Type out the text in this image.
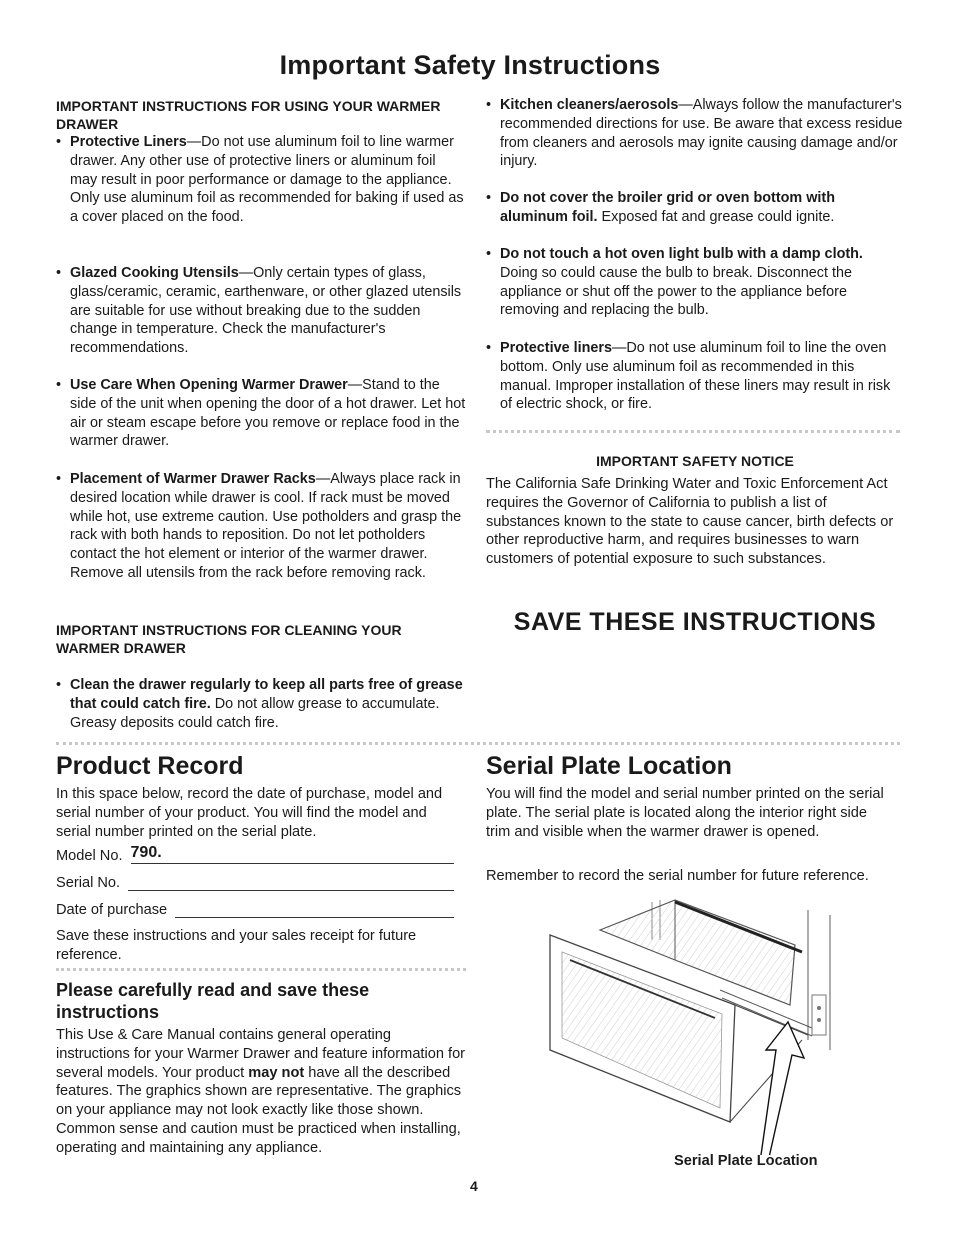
Important Safety Instructions
IMPORTANT INSTRUCTIONS FOR USING YOUR WARMER DRAWER
• Protective Liners—Do not use aluminum foil to line warmer drawer. Any other use of protective liners or aluminum foil may result in poor performance or damage to the appliance. Only use aluminum foil as recommended for baking if used as a cover placed on the food.
• Glazed Cooking Utensils—Only certain types of glass, glass/ceramic, ceramic, earthenware, or other glazed utensils are suitable for use without breaking due to the sudden change in temperature. Check the manufacturer's recommendations.
• Use Care When Opening Warmer Drawer—Stand to the side of the unit when opening the door of a hot drawer. Let hot air or steam escape before you remove or replace food in the warmer drawer.
• Placement of Warmer Drawer Racks—Always place rack in desired location while drawer is cool. If rack must be moved while hot, use extreme caution. Use potholders and grasp the rack with both hands to reposition. Do not let potholders contact the hot element or interior of the warmer drawer. Remove all utensils from the rack before removing rack.
IMPORTANT INSTRUCTIONS FOR CLEANING YOUR WARMER DRAWER
• Clean the drawer regularly to keep all parts free of grease that could catch fire. Do not allow grease to accumulate. Greasy deposits could catch fire.
• Kitchen cleaners/aerosols—Always follow the manufacturer's recommended directions for use. Be aware that excess residue from cleaners and aerosols may ignite causing damage and/or injury.
• Do not cover the broiler grid or oven bottom with aluminum foil. Exposed fat and grease could ignite.
• Do not touch a hot oven light bulb with a damp cloth. Doing so could cause the bulb to break. Disconnect the appliance or shut off the power to the appliance before removing and replacing the bulb.
• Protective liners—Do not use aluminum foil to line the oven bottom. Only use aluminum foil as recommended in this manual. Improper installation of these liners may result in risk of electric shock, or fire.
IMPORTANT SAFETY NOTICE
The California Safe Drinking Water and Toxic Enforcement Act requires the Governor of California to publish a list of substances known to the state to cause cancer, birth defects or other reproductive harm, and requires businesses to warn customers of potential exposure to such substances.
SAVE THESE INSTRUCTIONS
Product Record
In this space below, record the date of purchase, model and serial number of your product. You will find the model and serial number printed on the serial plate.
Model No. 790.
Serial No.
Date of purchase
Save these instructions and your sales receipt for future reference.
Please carefully read and save these instructions
This Use & Care Manual contains general operating instructions for your Warmer Drawer and feature information for several models. Your product may not have all the described features. The graphics shown are representative. The graphics on your appliance may not look exactly like those shown. Common sense and caution must be practiced when installing, operating and maintaining any appliance.
Serial Plate Location
You will find the model and serial number printed on the serial plate. The serial plate is located along the interior right side trim and visible when the warmer drawer is opened.
Remember to record the serial number for future reference.
Serial Plate Location
4
